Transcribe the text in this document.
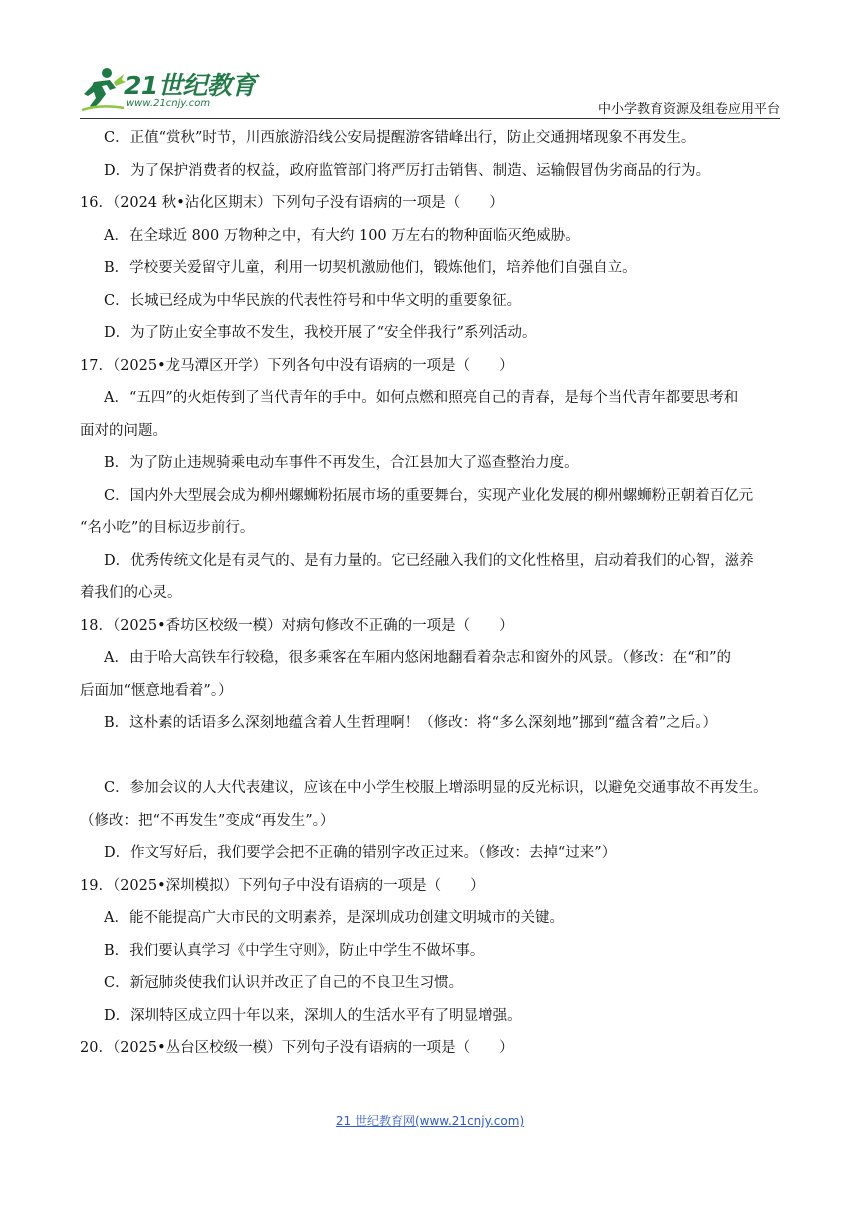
21世纪教育
www.21cnjy.com	中小学教育资源及组卷应用平台
C．正值“赏秋”时节，川西旅游沿线公安局提醒游客错峰出行，防止交通拥堵现象不再发生。
D．为了保护消费者的权益，政府监管部门将严厉打击销售、制造、运输假冒伪劣商品的行为。
16．（2024 秋•沾化区期末）下列句子没有语病的一项是（　　）
A．在全球近 800 万物种之中，有大约 100 万左右的物种面临灭绝威胁。
B．学校要关爱留守儿童，利用一切契机激励他们，锻炼他们，培养他们自强自立。
C．长城已经成为中华民族的代表性符号和中华文明的重要象征。
D．为了防止安全事故不发生，我校开展了“安全伴我行”系列活动。
17．（2025•龙马潭区开学）下列各句中没有语病的一项是（　　）
A．“五四”的火炬传到了当代青年的手中。如何点燃和照亮自己的青春，是每个当代青年都要思考和
面对的问题。
B．为了防止违规骑乘电动车事件不再发生，合江县加大了巡查整治力度。
C．国内外大型展会成为柳州螺蛳粉拓展市场的重要舞台，实现产业化发展的柳州螺蛳粉正朝着百亿元
“名小吃”的目标迈步前行。
D．优秀传统文化是有灵气的、是有力量的。它已经融入我们的文化性格里，启动着我们的心智，滋养
着我们的心灵。
18．（2025•香坊区校级一模）对病句修改不正确的一项是（　　）
A．由于哈大高铁车行较稳，很多乘客在车厢内悠闲地翻看着杂志和窗外的风景。（修改：在“和”的
后面加“惬意地看着”。）
B．这朴素的话语多么深刻地蕴含着人生哲理啊！（修改：将“多么深刻地”挪到“蕴含着”之后。）
C．参加会议的人大代表建议，应该在中小学生校服上增添明显的反光标识，以避免交通事故不再发生。
（修改：把“不再发生”变成“再发生”。）
D．作文写好后，我们要学会把不正确的错别字改正过来。（修改：去掉“过来”）
19．（2025•深圳模拟）下列句子中没有语病的一项是（　　）
A．能不能提高广大市民的文明素养，是深圳成功创建文明城市的关键。
B．我们要认真学习《中学生守则》，防止中学生不做坏事。
C．新冠肺炎使我们认识并改正了自己的不良卫生习惯。
D．深圳特区成立四十年以来，深圳人的生活水平有了明显增强。
20．（2025•丛台区校级一模）下列句子没有语病的一项是（　　）
21 世纪教育网(www.21cnjy.com)
